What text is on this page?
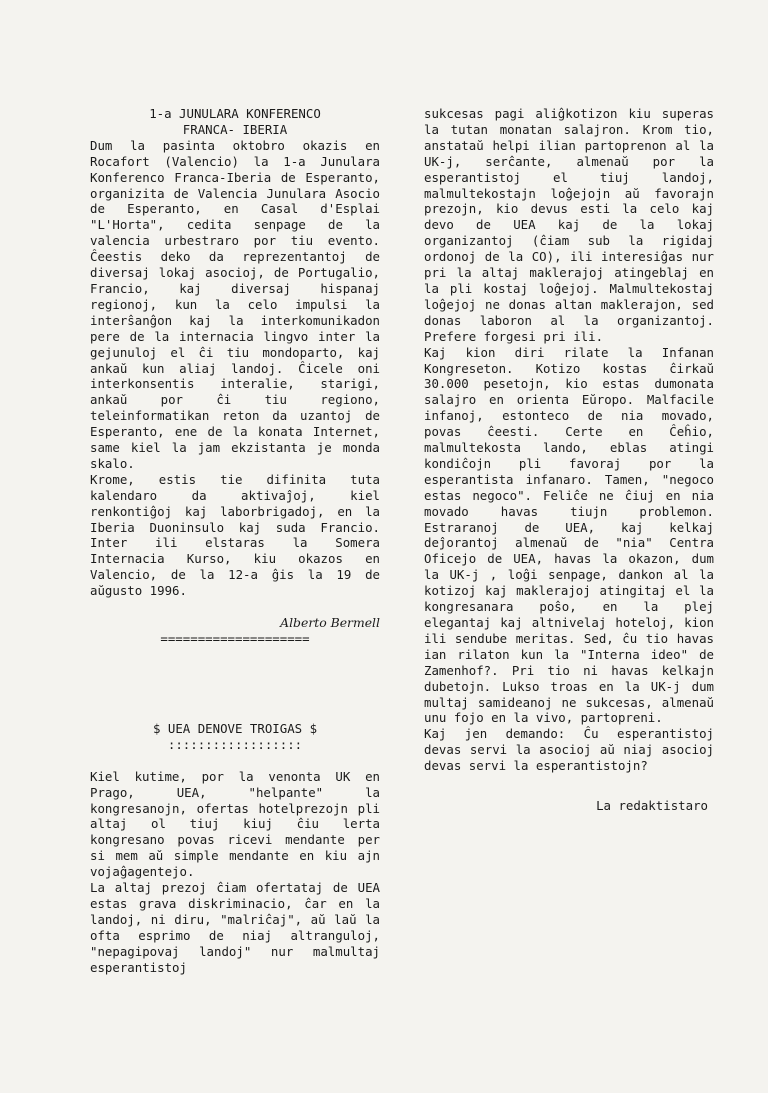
1-a JUNULARA KONFERENCO
FRANCA- IBERIA
Dum la pasinta oktobro okazis en Rocafort (Valencio) la 1-a Junulara Konferenco Franca-Iberia de Esperanto, organizita de Valencia Junulara Asocio de Esperanto, en Casal d'Esplai "L'Horta", cedita senpage de la valencia urbestraro por tiu evento. Ĉeestis deko da reprezentantoj de diversaj lokaj asocioj, de Portugalio, Francio, kaj diversaj hispanaj regionoj, kun la celo impulsi la interŝanĝon kaj la interkomunikadon pere de la internacia lingvo inter la gejunuloj el ĉi tiu mondoparto, kaj ankaŭ kun aliaj landoj. Ĉicele oni interkonsentis interalie, starigi, ankaŭ por ĉi tiu regiono, teleinformatikan reton da uzantoj de Esperanto, ene de la konata Internet, same kiel la jam ekzistanta je monda skalo.
Krome, estis tie difinita tuta kalendaro da aktivaĵoj, kiel renkontiĝoj kaj laborbrigadoj, en la Iberia Duoninsulo kaj suda Francio. Inter ili elstaras la Somera Internacia Kurso, kiu okazos en Valencio, de la 12-a ĝis la 19 de aŭgusto 1996.
Alberto Bermell
====================
$ UEA DENOVE TROIGAS $
::::::::::::::::::
Kiel kutime, por la venonta UK en Prago, UEA, "helpante" la kongresanojn, ofertas hotelprezojn pli altaj ol tiuj kiuj ĉiu lerta kongresano povas ricevi mendante per si mem aŭ simple mendante en kiu ajn vojaĝagentejo.
La altaj prezoj ĉiam ofertataj de UEA estas grava diskriminacio, ĉar en la landoj, ni diru, "malriĉaj", aŭ laŭ la ofta esprimo de niaj altranguloj, "nepagipovaj landoj" nur malmultaj esperantistoj
sukcesas pagi aliĝkotizon kiu superas la tutan monatan salajron. Krom tio, anstataŭ helpi ilian partoprenon al la UK-j, serĉante, almenaŭ por la esperantistoj el tiuj landoj, malmultekostajn loĝejojn aŭ favorajn prezojn, kio devus esti la celo kaj devo de UEA kaj de la lokaj organizantoj (ĉiam sub la rigidaj ordonoj de la CO), ili interesiĝas nur pri la altaj maklerajoj atingeblaj en la pli kostaj loĝejoj. Malmultekostaj loĝejoj ne donas altan maklerajon, sed donas laboron al la organizantoj. Prefere forgesi pri ili.
Kaj kion diri rilate la Infanan Kongreseton. Kotizo kostas ĉirkaŭ 30.000 pesetojn, kio estas dumonata salajro en orienta Eŭropo. Malfacile infanoj, estonteco de nia movado, povas ĉeesti. Certe en Ĉeĥio, malmultekosta lando, eblas atingi kondiĉojn pli favoraj por la esperantista infanaro. Tamen, "negoco estas negoco". Feliĉe ne ĉiuj en nia movado havas tiujn problemon. Estraranoj de UEA, kaj kelkaj deĵorantoj almenaŭ de "nia" Centra Oficejo de UEA, havas la okazon, dum la UK-j , loĝi senpage, dankon al la kotizoj kaj maklerajoj atingitaj el la kongresanara poŝo, en la plej elegantaj kaj altnivelaj hoteloj, kion ili sendube meritas. Sed, ĉu tio havas ian rilaton kun la "Interna ideo" de Zamenhof?. Pri tio ni havas kelkajn dubetojn. Lukso troas en la UK-j dum multaj samideanoj ne sukcesas, almenaŭ unu fojo en la vivo, partopreni.
Kaj jen demando: Ĉu esperantistoj devas servi la asocioj aŭ niaj asocioj devas servi la esperantistojn?
La redaktistaro
